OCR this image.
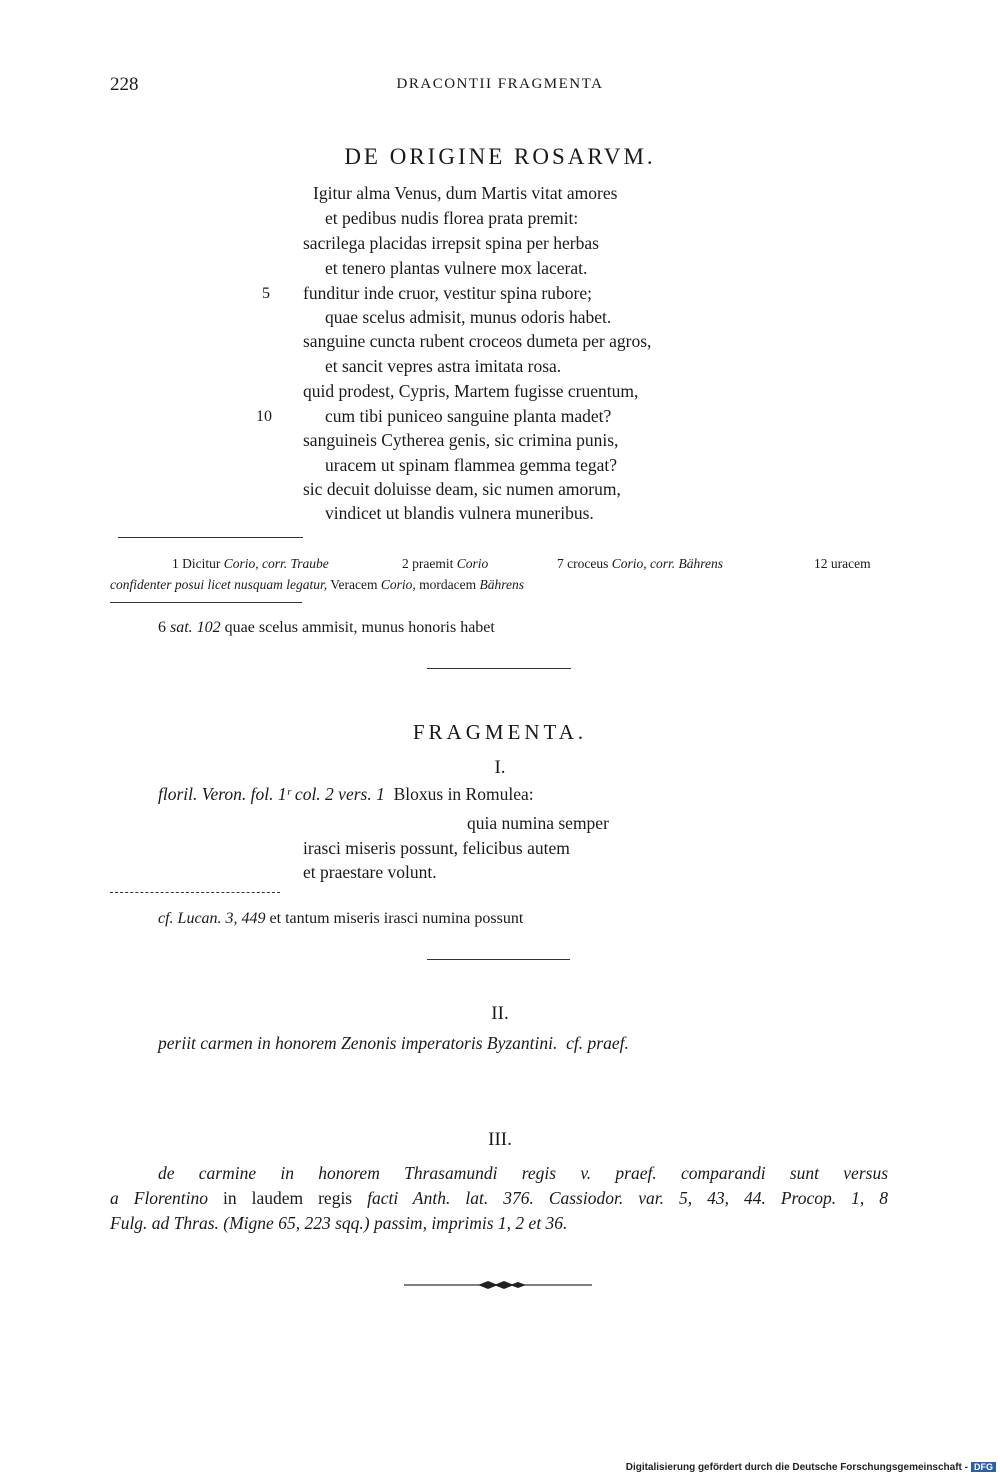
228	DRACONTII FRAGMENTA
DE ORIGINE ROSARVM.
Igitur alma Venus, dum Martis vitat amores
et pedibus nudis florea prata premit:
sacrilega placidas irrepsit spina per herbas
et tenero plantas vulnere mox lacerat.
5 funditur inde cruor, vestitur spina rubore;
quae scelus admisit, munus odoris habet.
sanguine cuncta rubent croceos dumeta per agros,
et sancit vepres astra imitata rosa.
quid prodest, Cypris, Martem fugisse cruentum,
10	cum tibi puniceo sanguine planta madet?
sanguineis Cytherea genis, sic crimina punis,
uracem ut spinam flammea gemma tegat?
sic decuit doluisse deam, sic numen amorum,
vindicet ut blandis vulnera muneribus.
1 Dicitur Corio, corr. Traube	2 praemit Corio	7 croceus Corio, corr. Bährens	12 uracem
confidenter posui licet nusquam legatur, Veracem Corio, mordacem Bährens
6 sat. 102 quae scelus ammisit, munus honoris habet
FRAGMENTA.
I.
floril. Veron. fol. 1ʳ col. 2 vers. 1 Bloxus in Romulea:
quia numina semper
irasci miseris possunt, felicibus autem
et praestare volunt.
cf. Lucan. 3, 449 et tantum miseris irasci numina possunt
II.
periit carmen in honorem Zenonis imperatoris Byzantini. cf. praef.
III.
de carmine in honorem Thrasamundi regis v. praef. comparandi sunt versus
a Florentino in laudem regis facti Anth. lat. 376. Cassiodor. var. 5, 43, 44. Procop. 1, 8
Fulg. ad Thras. (Migne 65, 223 sqq.) passim, imprimis 1, 2 et 36.
Digitalisierung gefördert durch die Deutsche Forschungsgemeinschaft - DFG
